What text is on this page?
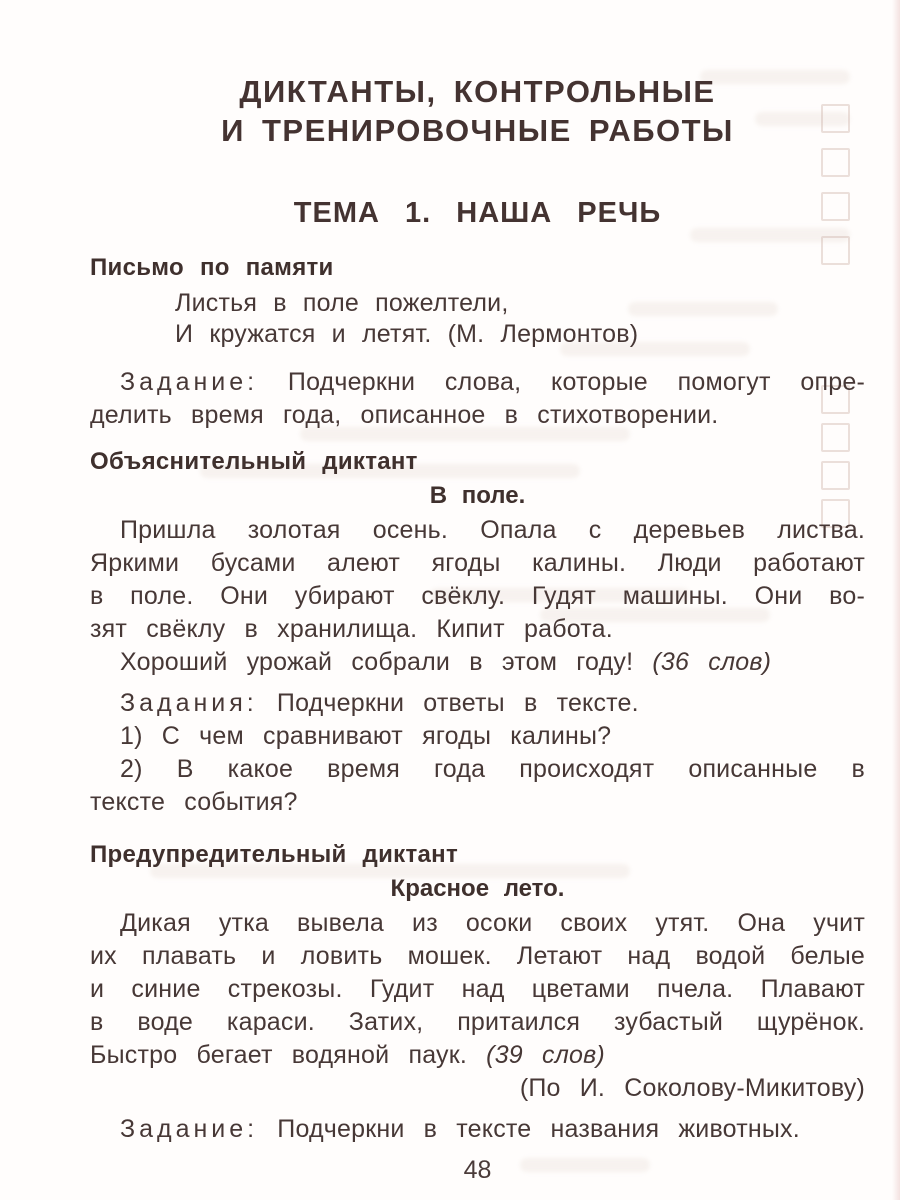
ДИКТАНТЫ, КОНТРОЛЬНЫЕ
И ТРЕНИРОВОЧНЫЕ РАБОТЫ
ТЕМА 1. НАША РЕЧЬ
Письмо по памяти
Листья в поле пожелтели,
И кружатся и летят. (М. Лермонтов)
Задание: Подчеркни слова, которые помогут опре-
делить время года, описанное в стихотворении.
Объяснительный диктант
В поле.
Пришла золотая осень. Опала с деревьев листва.
Яркими бусами алеют ягоды калины. Люди работают
в поле. Они убирают свёклу. Гудят машины. Они во-
зят свёклу в хранилища. Кипит работа.
Хороший урожай собрали в этом году! (36 слов)
Задания: Подчеркни ответы в тексте.
1) С чем сравнивают ягоды калины?
2) В какое время года происходят описанные в
тексте события?
Предупредительный диктант
Красное лето.
Дикая утка вывела из осоки своих утят. Она учит
их плавать и ловить мошек. Летают над водой белые
и синие стрекозы. Гудит над цветами пчела. Плавают
в воде караси. Затих, притаился зубастый щурёнок.
Быстро бегает водяной паук. (39 слов)
(По И. Соколову-Микитову)
Задание: Подчеркни в тексте названия животных.
48
